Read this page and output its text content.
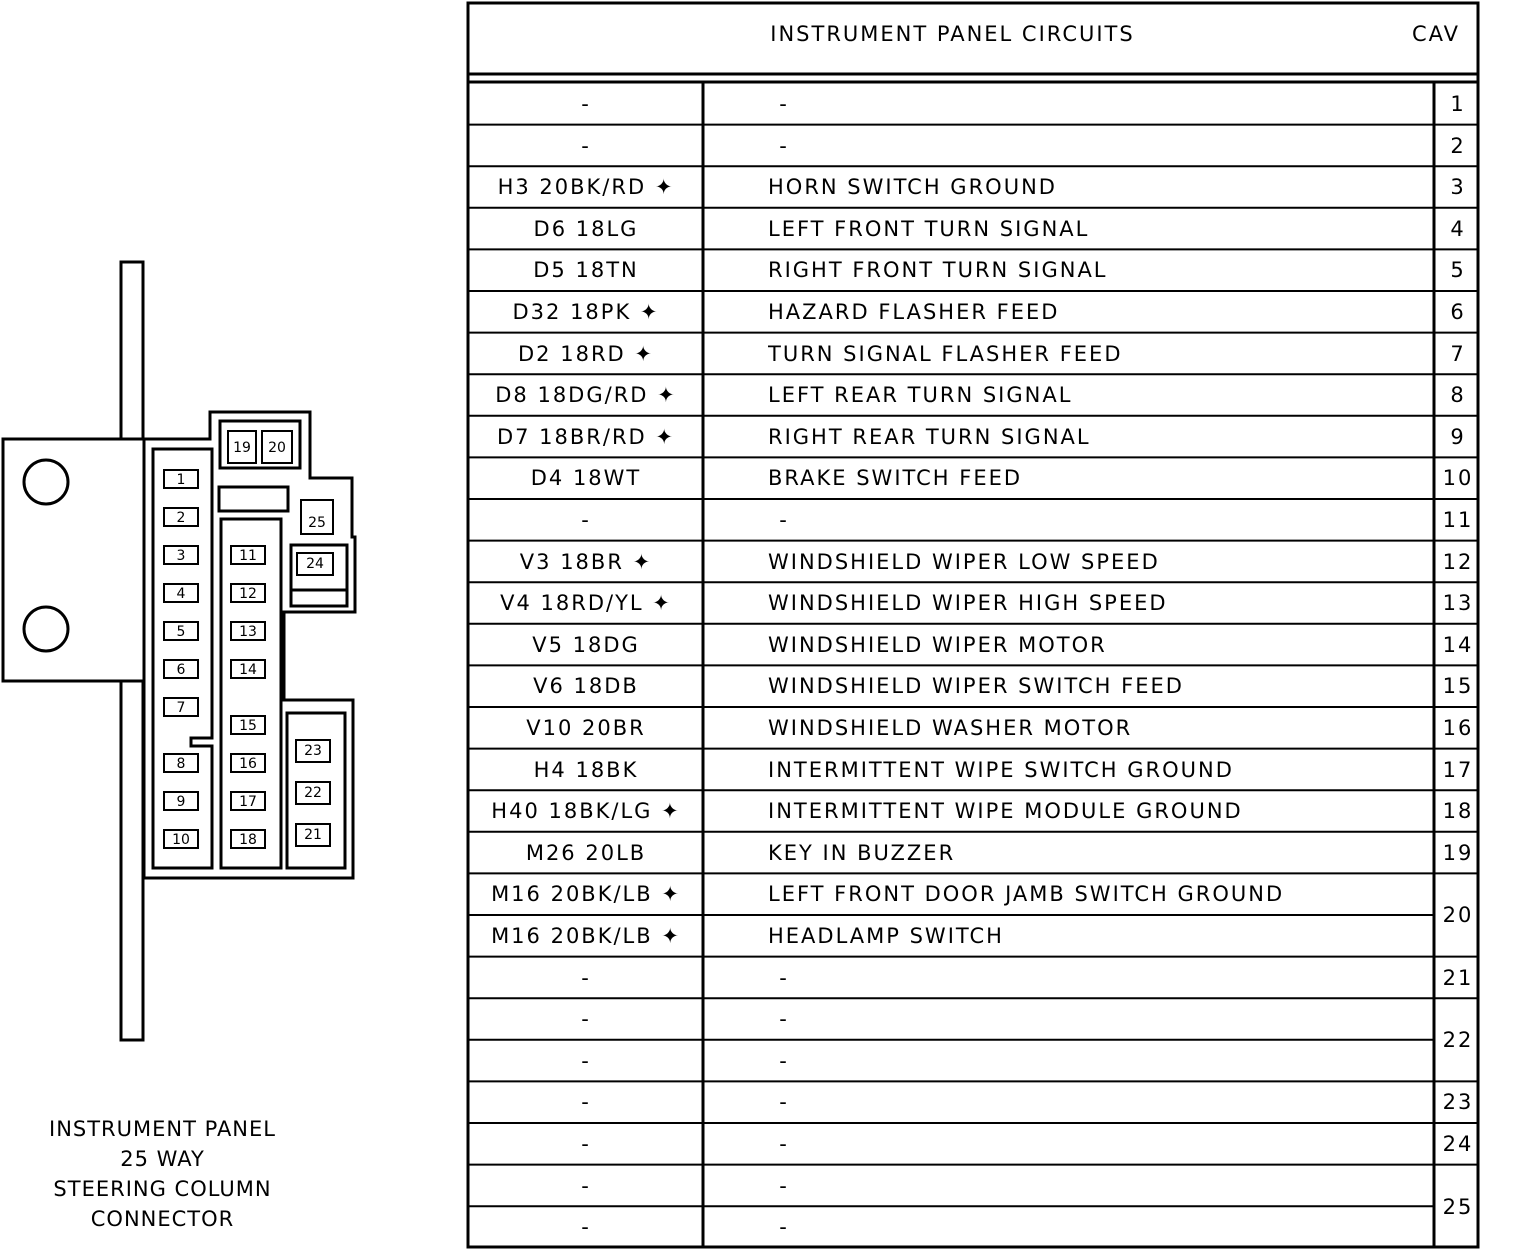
1
2
3
4
5
6
7
8
9
10
11
12
13
14
15
16
17
18
19 20
21
22
23
24
25
INSTRUMENT PANEL
25 WAY
STEERING COLUMN
CONNECTOR
INSTRUMENT PANEL CIRCUITS	CAV
-	-	1
-	-	2
H3 20BK/RD ✦	HORN SWITCH GROUND	3
D6 18LG	LEFT FRONT TURN SIGNAL	4
D5 18TN	RIGHT FRONT TURN SIGNAL	5
D32 18PK ✦	HAZARD FLASHER FEED	6
D2 18RD ✦	TURN SIGNAL FLASHER FEED	7
D8 18DG/RD ✦	LEFT REAR TURN SIGNAL	8
D7 18BR/RD ✦	RIGHT REAR TURN SIGNAL	9
D4 18WT	BRAKE SWITCH FEED	10
-	-	11
V3 18BR ✦	WINDSHIELD WIPER LOW SPEED	12
V4 18RD/YL ✦	WINDSHIELD WIPER HIGH SPEED	13
V5 18DG	WINDSHIELD WIPER MOTOR	14
V6 18DB	WINDSHIELD WIPER SWITCH FEED	15
V10 20BR	WINDSHIELD WASHER MOTOR	16
H4 18BK	INTERMITTENT WIPE SWITCH GROUND	17
H40 18BK/LG ✦	INTERMITTENT WIPE MODULE GROUND	18
M26 20LB	KEY IN BUZZER	19
M16 20BK/LB ✦	LEFT FRONT DOOR JAMB SWITCH GROUND
20
M16 20BK/LB ✦	HEADLAMP SWITCH
-	-	21
-	-
22
-	-
-	-	23
-	-	24
-	-
25
-	-
